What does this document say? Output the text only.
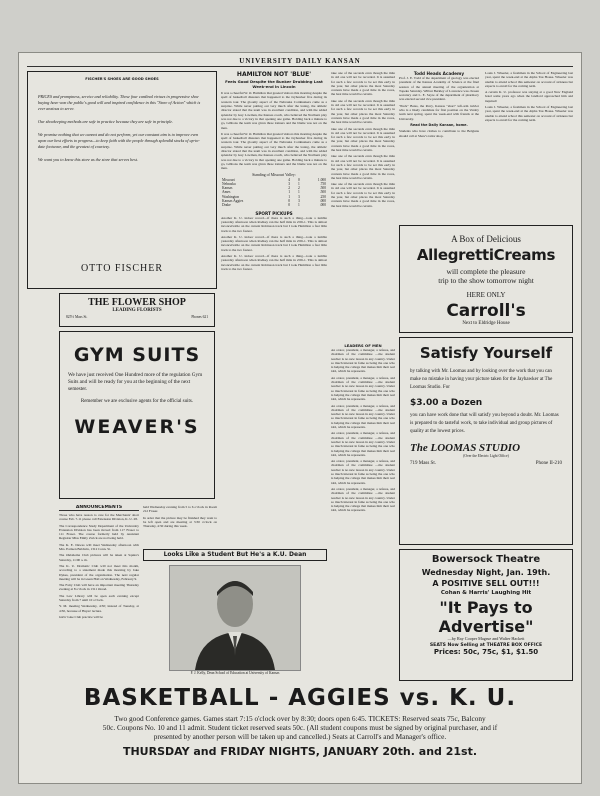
UNIVERSITY DAILY KANSAN
FISCHER'S SHOES ARE GOOD SHOES

PRICES and promptness, service and reliability. These four cardinal virtues in progressive shoe buying have won the public's good will and inspired confidence in this "Store of Action" which is ever anxious to serve.

Our shoekeeping methods are safe in practice because they are safe in principle.

We promise nothing that we cannot and do not perform, yet our constant aim is to improve even upon our best efforts to progress—to keep faith with the people through splendid stocks of up-to-date footwear, and the greatest of courtesy.

We want you to know this store as the store that serves best.

OTTO FISCHER
THE FLOWER SHOP
LEADING FLORISTS
825½ Mass St.	Phones 621
GYM SUITS
We have just received One Hundred more of the regulation Gym Suits and will be ready for you at the beginning of the next semester.
Remember we are exclusive agents for the official suits.
WEAVER'S
ANNOUNCEMENTS

Those who have reason to care for the Merchants' short course Feb. 7-11 please call Extension Division, K. U. 28.

The Correspondence Study Department of the University Extension Division has been moved from 117 Fraser to 111 Fraser. The course formerly held by Assistant Registrar Miss Emily Zwick are not being held.

The K. E. Dawes will meet Wednesday afternoon with Mrs. Earleen Baldwin, 1312 Conn. St.

The Oklahoma Club pictures will be taken at Squire's Saturday, 11:00 a. m.

The K. U. Dramatic Club will not meet this month, according to a statement made this morning by Jake Dykes, president of the organization. The next regular meeting will be in Green Hall on Wednesday, February 9.

The Fairy Club will have an important meeting Thursday evening at 8 o'clock in 1311 Oread.

The Law Library will be open each evening except Saturday from 7 until 10 o'clock.

Y. M. meeting Wednesday, 4:30; instead of Tuesday, at 4:30, because of Hayes' lecture.

Girls' Glee Club practice will be

held Wednesday evening from 5 to 6 o'clock in Room 212 Fraser.

In order that the picture may be finished they want to be left open and are meeting at 3:30 o'clock on Thursday, 4:30 during this week.

HAMILTON NOT 'BLUE'
Feels Good Despite the Bunker Drubbing Last Week-end in Lincoln

It was a cheerful W. O. Hamilton that greeted visitors this morning despite the spell of basketball disasters that happened to the Jayhawker five during its western tour. The gloomy aspect of the Nebraska Cornhuskers came as a surprise. While never putting out very much after the losing, the athletic director stated that the team was in excellent condition, and with the added splendor by Guy Lowman, the Kansas coach, who believed the Northern play was not due to a victory in that opening one game. Holding back a minute to go, Gibbons the team was given three trainers and the blame was not on the men.

It was a cheerful W. O. Hamilton that greeted visitors this morning despite the spell of basketball disasters that happened to the Jayhawker five during its western tour. The gloomy aspect of the Nebraska Cornhuskers came as a surprise. While never putting out very much after the losing, the athletic director stated that the team was in excellent condition, and with the added splendor by Guy Lowman, the Kansas coach, who believed the Northern play was not due to a victory in that opening one game. Holding back a minute to go, Gibbons the team was given three trainers and the blame was not on the men.

Standing of Missouri Valley:
Missouri	4	0	1.000
Nebraska	3	1	.750
Kansas	2	2	.500
Ames	1	1	.500
Washington	1	3	.250
Kansas Aggies	0	3	.000
Drake	0	1	.000
SPORT PICKUPS

Another K. U. indoor record—if there is such a thing—took a tumble yesterday afternoon when Rodkey ran the half mile in 2:06-1. This is almost inconceivable on the current Robinson track but I took Hamilton a fast little track to the two fastest.

Another K. U. indoor record—if there is such a thing—took a tumble yesterday afternoon when Rodkey ran the half mile in 2:06-1. This is almost inconceivable on the current Robinson track but I took Hamilton a fast little track to the two fastest.

Another K. U. indoor record—if there is such a thing—took a tumble yesterday afternoon when Rodkey ran the half mile in 2:06-1. This is almost inconceivable on the current Robinson track but I took Hamilton a fast little track to the two fastest.

take one of the seconds even though the mile in old one will not be recorded. It is assumed for such a few records to be set this early in the year, but other places the most Saturday contests have made a good time in the races, the best time would be certain.

take one of the seconds even though the mile in old one will not be recorded. It is assumed for such a few records to be set this early in the year, but other places the most Saturday contests have made a good time in the races, the best time would be certain.

take one of the seconds even though the mile in old one will not be recorded. It is assumed for such a few records to be set this early in the year, but other places the most Saturday contests have made a good time in the races, the best time would be certain.

take one of the seconds even though the mile in old one will not be recorded. It is assumed for such a few records to be set this early in the year, but other places the most Saturday contests have made a good time in the races, the best time would be certain.

take one of the seconds even though the mile in old one will not be recorded. It is assumed for such a few records to be set this early in the year, but other places the most Saturday contests have made a good time in the races, the best time would be certain.

Todd Heads Academy

Prof. J. E. Todd of the department of geology was elected president of the Kansas Academy of Science at the final session of the annual meeting of the organization at Topeka Saturday. Wilbur Berkley of Lawrence was chosen secretary and L. E. Sayre of the department of pharmacy was elected second vice president.

"Puck" Bates, the Perry, Kansas "short" left-arm twirler who is a likely candidate for first position on the Varsity team next spring, spent the week-end with friends at the University.

Read the Daily Kansan, home.

Students who have clothes to contribute to the Belgians should call at Shaw's tailor shop.

Louis J. Wheeler, a freshman in the School of Engineering last year, spent the week-end at the Alpha Tau House. Wheeler was unable to attend school this semester on account of sickness but expects to enroll for the coming term.

A certain K. U. professor was staying at a good New England hotel some years ago when the landlord approached him and inquired:

Louis J. Wheeler, a freshman in the School of Engineering last year, spent the week-end at the Alpha Tau House. Wheeler was unable to attend school this semester on account of sickness but expects to enroll for the coming term.

LEADERS OF MEN

An orator, president, a manager, a referee, and chairman of the committee —the student teacher is no new lesson in any country. Under so much interest in fame as being the one who is helping the college that makes him their real idol, which he represents.

An orator, president, a manager, a referee, and chairman of the committee —the student teacher is no new lesson in any country. Under so much interest in fame as being the one who is helping the college that makes him their real idol, which he represents.

An orator, president, a manager, a referee, and chairman of the committee —the student teacher is no new lesson in any country. Under so much interest in fame as being the one who is helping the college that makes him their real idol, which he represents.

An orator, president, a manager, a referee, and chairman of the committee —the student teacher is no new lesson in any country. Under so much interest in fame as being the one who is helping the college that makes him their real idol, which he represents.

An orator, president, a manager, a referee, and chairman of the committee —the student teacher is no new lesson in any country. Under so much interest in fame as being the one who is helping the college that makes him their real idol, which he represents.

An orator, president, a manager, a referee, and chairman of the committee —the student teacher is no new lesson in any country. Under so much interest in fame as being the one who is helping the college that makes him their real idol, which he represents.

A Box of Delicious
AllegrettiCreams
will complete the pleasure
trip to the show tomorrow night
HERE ONLY
Carroll's
Next to Eldridge House
Satisfy Yourself
by talking with Mr. Loomas and by looking over the work that you can make no mistake in having your picture taken for the Jayhawker at The Loomas Studio. For
$3.00 a Dozen
you can have work done that will satisfy you beyond a doubt. Mr. Loomas is prepared to do tasteful work, to take individual and group pictures of quality at the lowest prices.
The LOOMAS STUDIO
(Over the Electric Light Office)
719 Mass St.	Phone II-210
Bowersock Theatre
Wednesday Night, Jan. 19th.
A POSITIVE SELL OUT!!!
Cohan & Harris' Laughing Hit
"It Pays to
Advertise"
—by Ray Cooper Magrue and Walter Hackett
SEATS Now Selling at THEATRE BOX OFFICE
Prices: 50c, 75c, $1, $1.50
Looks Like a Student But He's a K.U. Dean
F. J. Kelly, Dean School of Education at University of Kansas
BASKETBALL - AGGIES vs. K. U.
Two good Conference games. Games start 7:15 o'clock over by 8:30; doors open 6:45. TICKETS: Reserved seats 75c, Balcony
50c. Coupons No. 10 and 11 admit. Student ticket reserved seats 50c. (All student coupons must be signed by original purchaser, and if
presented by another person will be taken up and cancelled.) Seats at Carroll's and Manager's office.
THURSDAY and FRIDAY NIGHTS, JANUARY 20th. and 21st.
